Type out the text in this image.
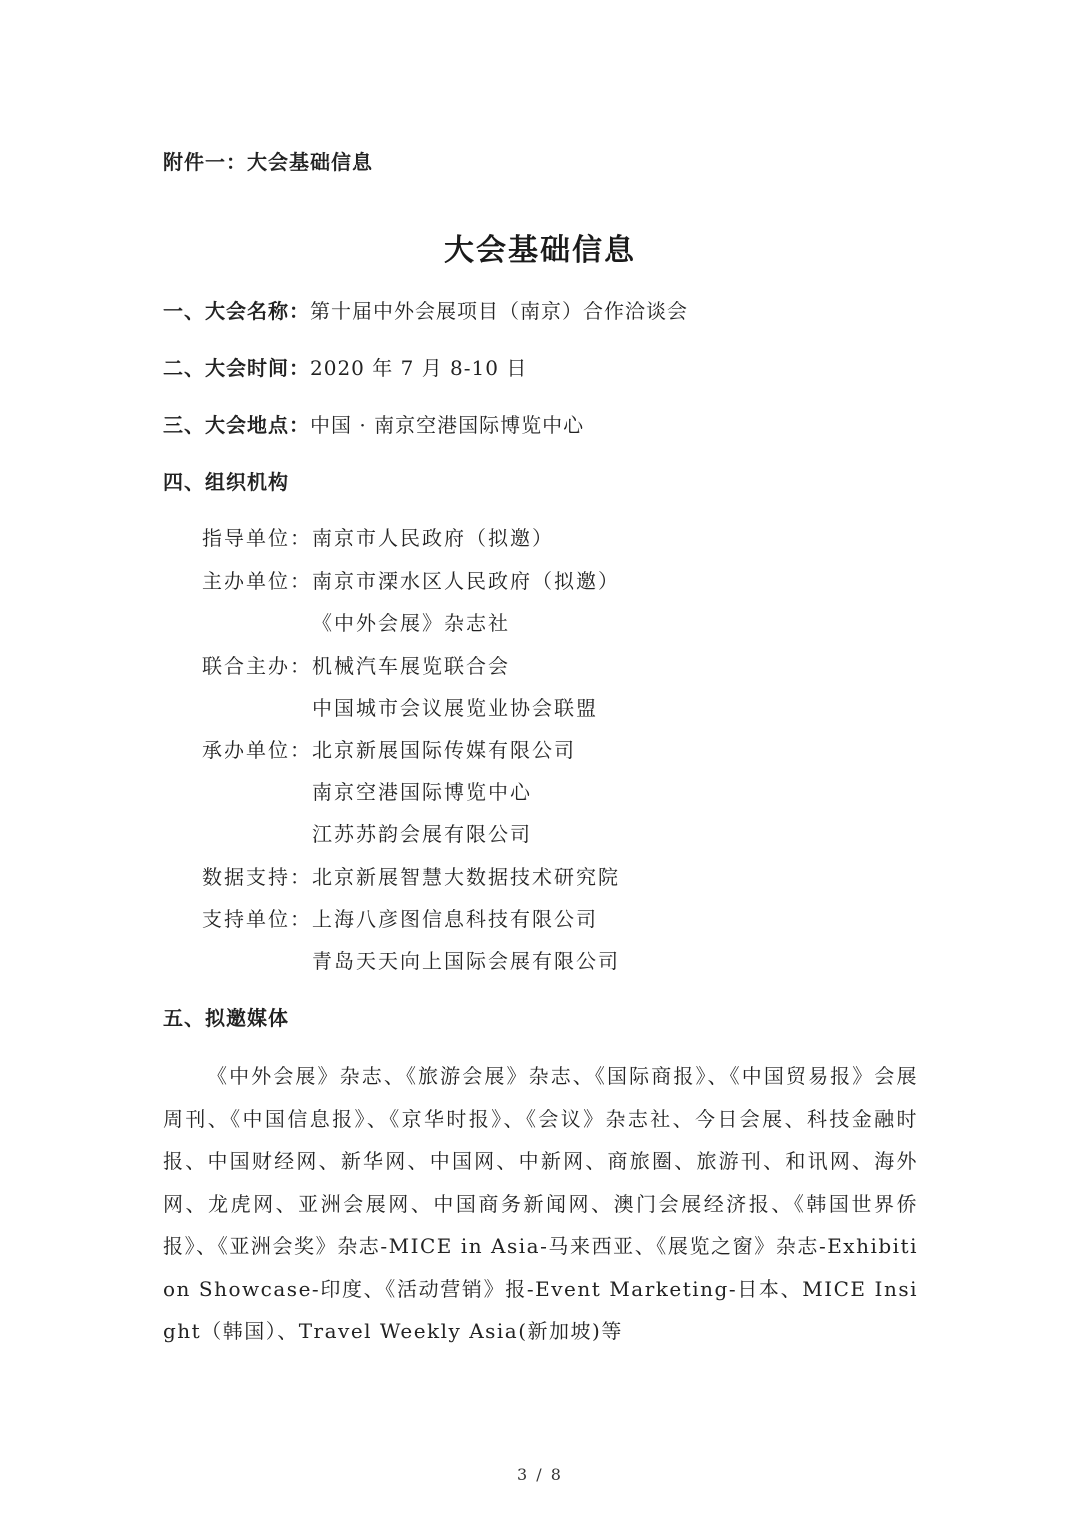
附件一：大会基础信息
大会基础信息
一、大会名称：第十届中外会展项目（南京）合作洽谈会
二、大会时间：2020 年 7 月 8-10 日
三、大会地点：中国 · 南京空港国际博览中心
四、组织机构
指导单位： 南京市人民政府（拟邀）
主办单位： 南京市溧水区人民政府（拟邀）
《中外会展》杂志社
联合主办： 机械汽车展览联合会
中国城市会议展览业协会联盟
承办单位： 北京新展国际传媒有限公司
南京空港国际博览中心
江苏苏韵会展有限公司
数据支持： 北京新展智慧大数据技术研究院
支持单位： 上海八彦图信息科技有限公司
青岛天天向上国际会展有限公司
五、拟邀媒体
《中外会展》杂志、《旅游会展》杂志、《国际商报》、《中国贸易报》会展周刊、《中国信息报》、《京华时报》、《会议》杂志社、今日会展、科技金融时报、中国财经网、新华网、中国网、中新网、商旅圈、旅游刊、和讯网、海外网、龙虎网、亚洲会展网、中国商务新闻网、澳门会展经济报、《韩国世界侨报》、《亚洲会奖》杂志-MICE in Asia-马来西亚、《展览之窗》杂志-Exhibition Showcase-印度、《活动营销》报-Event Marketing-日本、MICE Insight（韩国）、Travel Weekly Asia(新加坡)等
3 / 8
